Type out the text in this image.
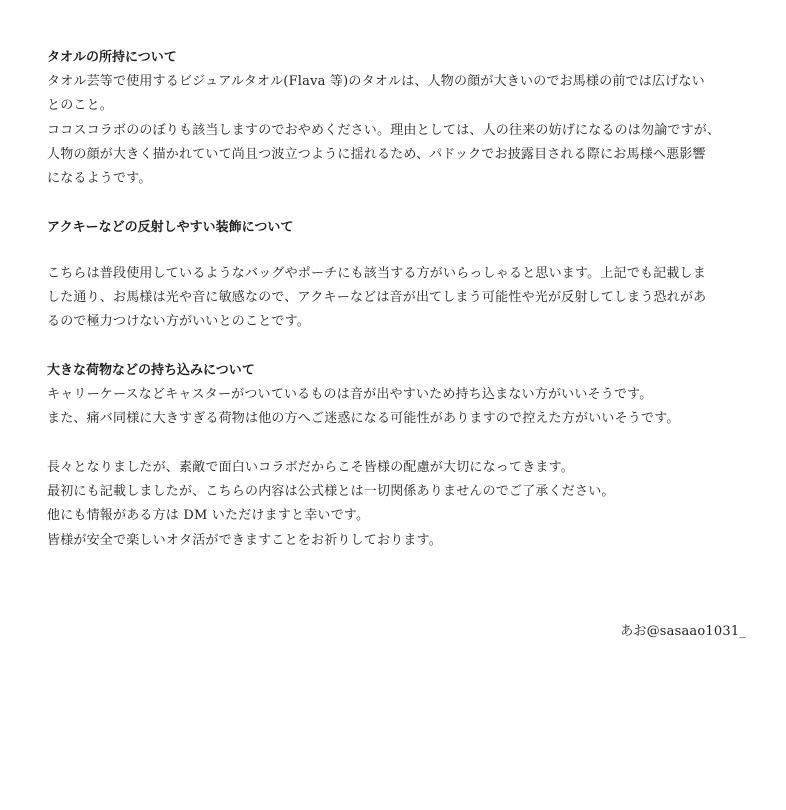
タオルの所持について
タオル芸等で使用するビジュアルタオル(Flava 等)のタオルは、人物の顔が大きいのでお馬様の前では広げない
とのこと。
ココスコラボののぼりも該当しますのでおやめください。理由としては、人の往来の妨げになるのは勿論ですが、
人物の顔が大きく描かれていて尚且つ波立つように揺れるため、パドックでお披露目される際にお馬様へ悪影響
になるようです。
アクキーなどの反射しやすい装飾について
こちらは普段使用しているようなバッグやポーチにも該当する方がいらっしゃると思います。上記でも記載しま
した通り、お馬様は光や音に敏感なので、アクキーなどは音が出てしまう可能性や光が反射してしまう恐れがあ
るので極力つけない方がいいとのことです。
大きな荷物などの持ち込みについて
キャリーケースなどキャスターがついているものは音が出やすいため持ち込まない方がいいそうです。
また、痛バ同様に大きすぎる荷物は他の方へご迷惑になる可能性がありますので控えた方がいいそうです。
長々となりましたが、素敵で面白いコラボだからこそ皆様の配慮が大切になってきます。
最初にも記載しましたが、こちらの内容は公式様とは一切関係ありませんのでご了承ください。
他にも情報がある方は DM いただけますと幸いです。
皆様が安全で楽しいオタ活ができますことをお祈りしております。
あお@sasaao1031_
